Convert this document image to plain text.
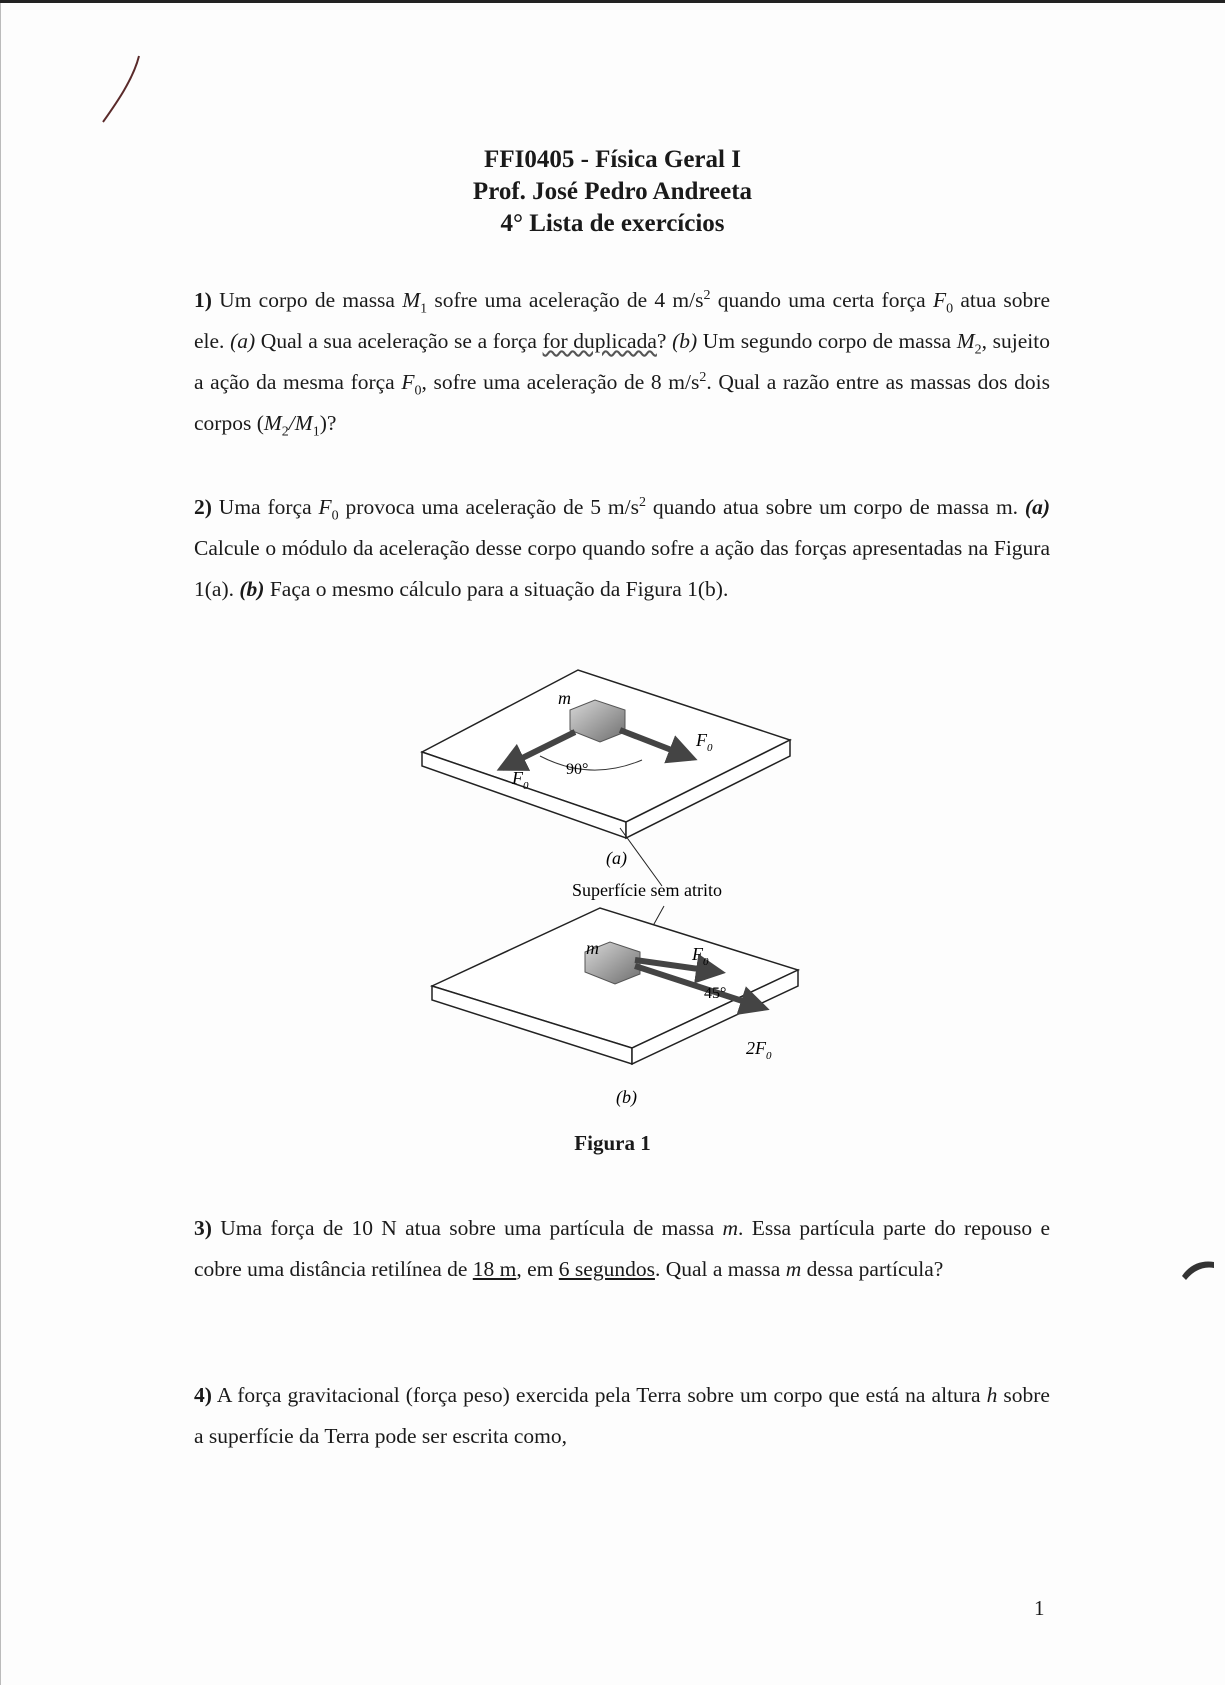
FFI0405 - Física Geral I
Prof. José Pedro Andreeta
4° Lista de exercícios
1) Um corpo de massa $M_1$ sofre uma aceleração de 4 $m/s^2$ quando uma certa força $F_0$ atua sobre ele. (a) Qual a sua aceleração se a força for duplicada? (b) Um segundo corpo de massa $M_2$, sujeito a ação da mesma força $F_0$, sofre uma aceleração de 8 $m/s^2$. Qual a razão entre as massas dos dois corpos $(M_2/M_1)$?
2) Uma força $F_0$ provoca uma aceleração de 5 $m/s^2$ quando atua sobre um corpo de massa m. (a) Calcule o módulo da aceleração desse corpo quando sofre a ação das forças apresentadas na Figura 1(a). (b) Faça o mesmo cálculo para a situação da Figura 1(b).
m
$F_0$
$F_0$
90°
(a)
Superfície sem atrito
m	$F_0$
45°
$2F_0$
(b)
Figura 1
3) Uma força de 10 N atua sobre uma partícula de massa m. Essa partícula parte do repouso e cobre uma distância retilínea de 18 m, em 6 segundos. Qual a massa m dessa partícula?
4) A força gravitacional (força peso) exercida pela Terra sobre um corpo que está na altura h sobre a superfície da Terra pode ser escrita como,
1
